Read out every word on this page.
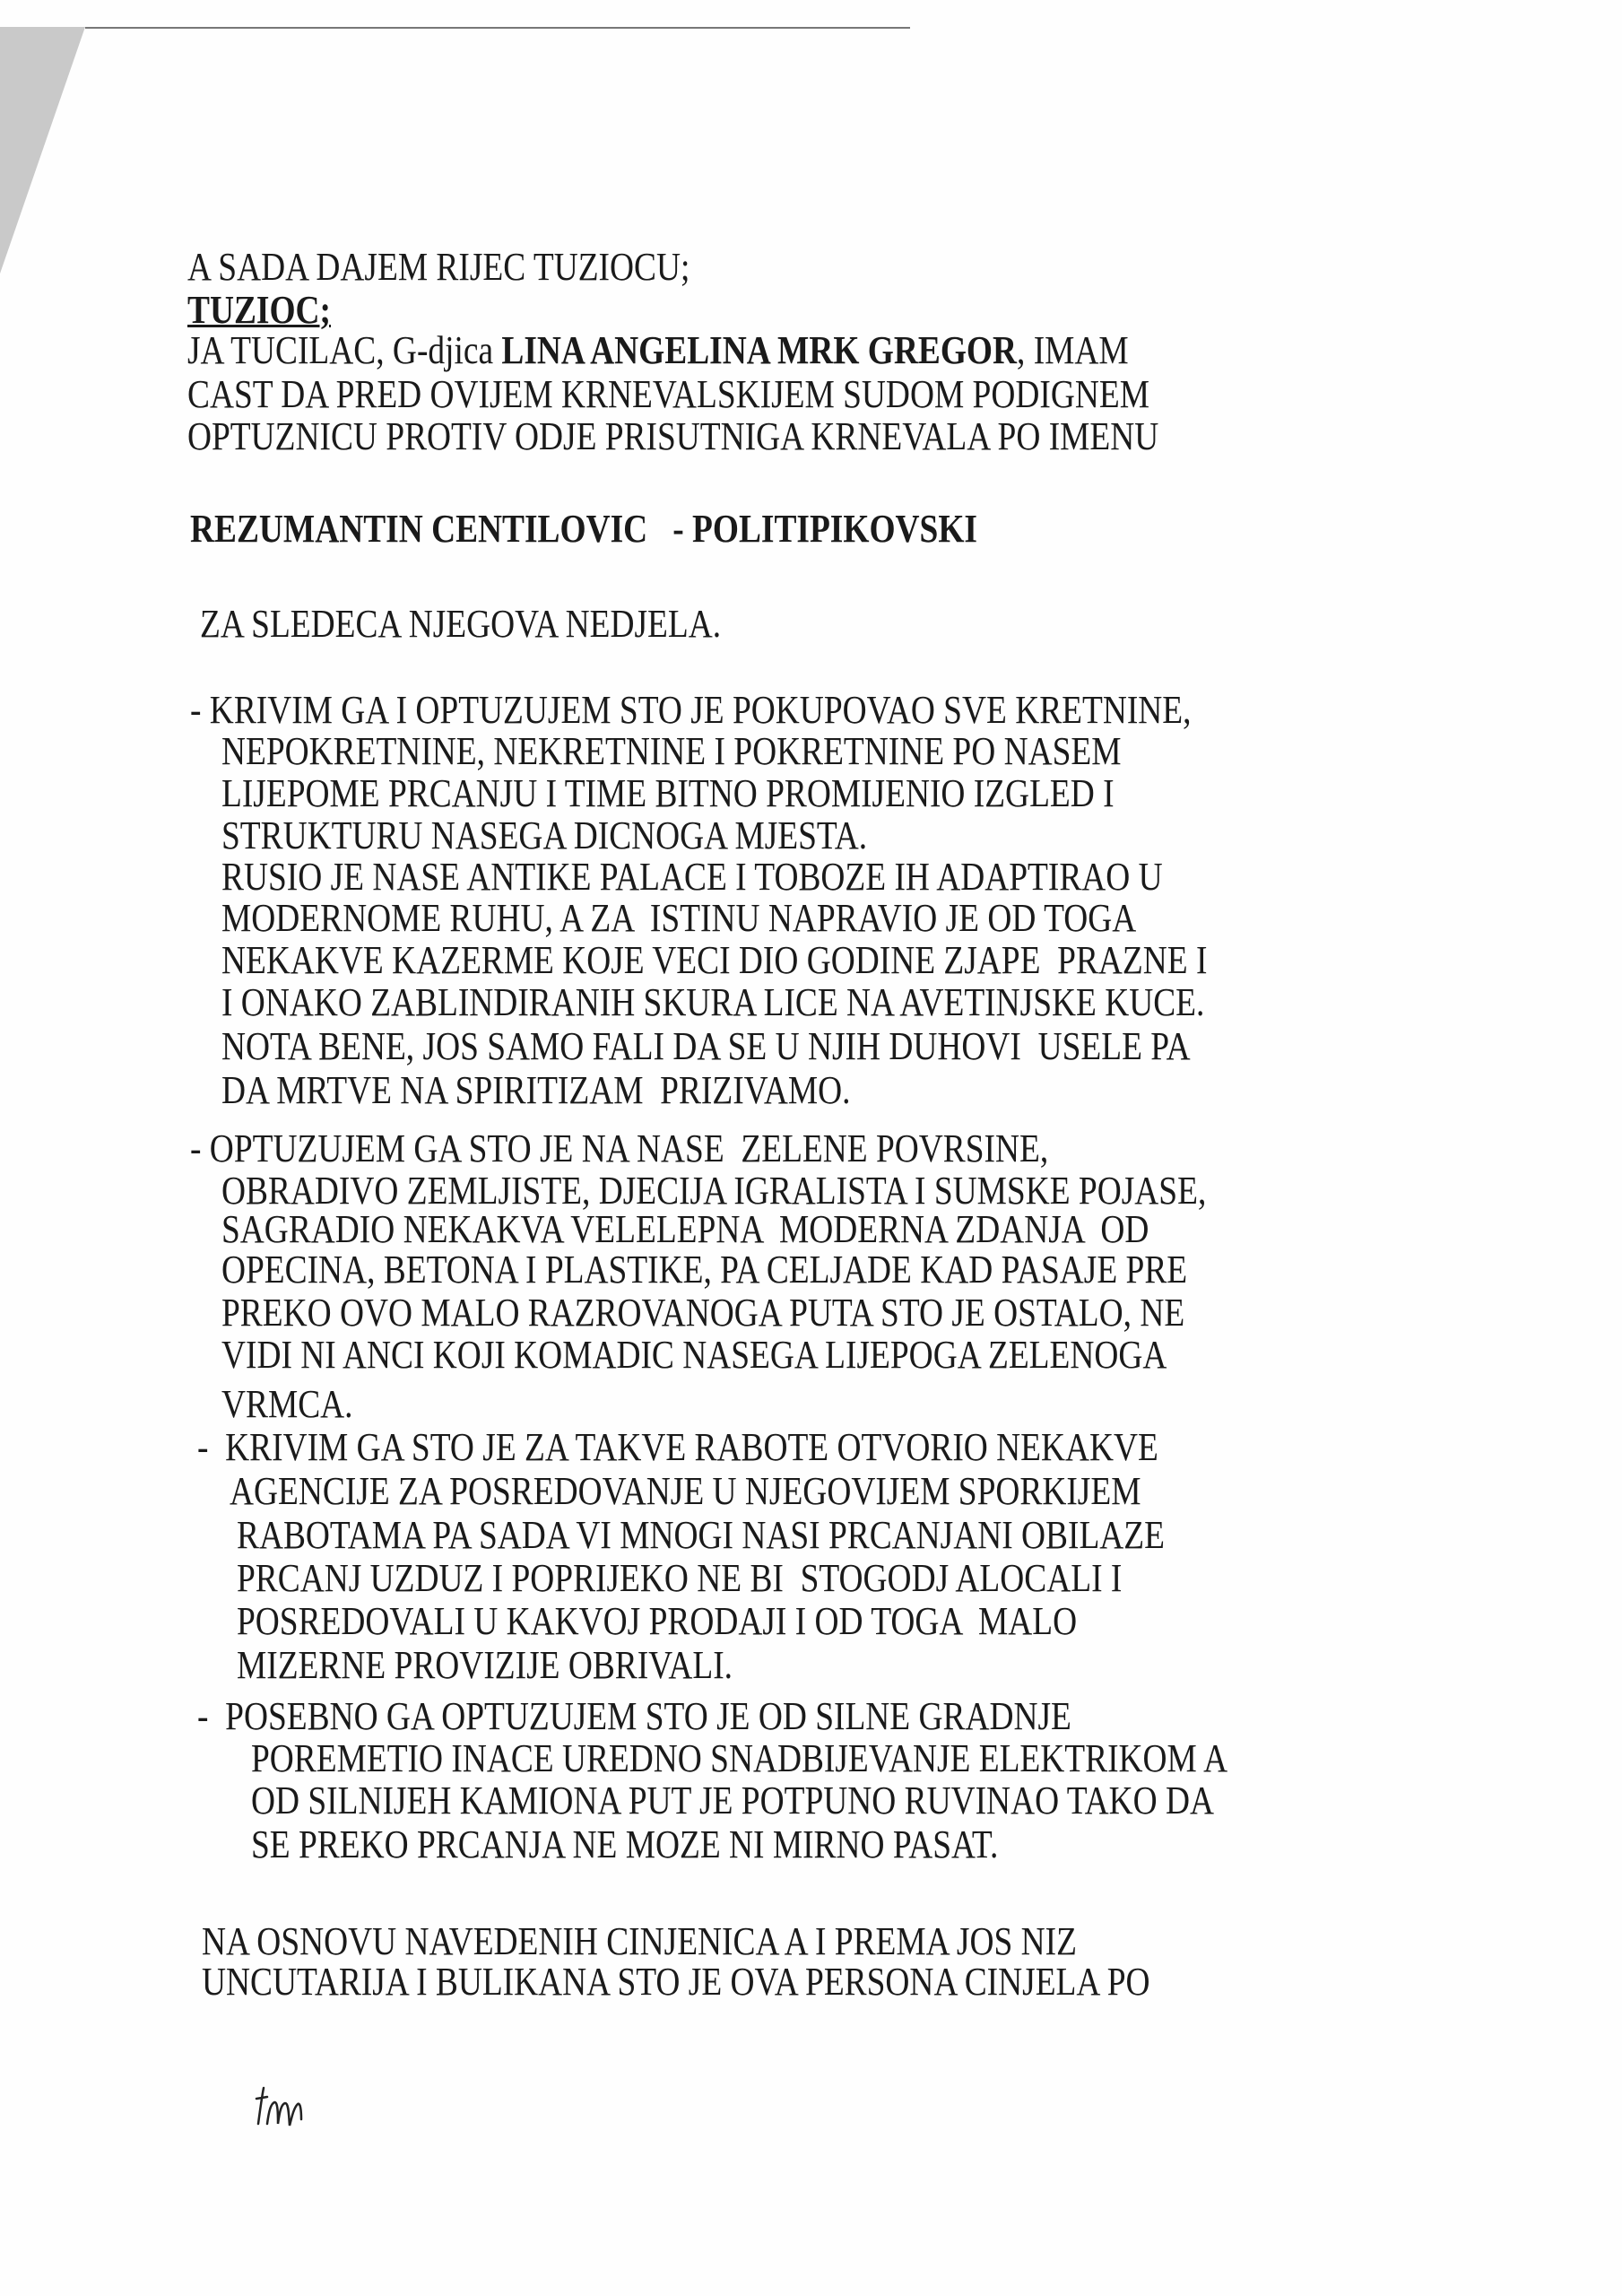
A SADA DAJEM RIJEC TUZIOCU;
TUZIOC;
JA TUCILAC, G-djica LINA ANGELINA MRK GREGOR, IMAM
CAST DA PRED OVIJEM KRNEVALSKIJEM SUDOM PODIGNEM
OPTUZNICU PROTIV ODJE PRISUTNIGA KRNEVALA PO IMENU
REZUMANTIN CENTILOVIC   - POLITIPIKOVSKI
ZA SLEDECA NJEGOVA NEDJELA.
- KRIVIM GA I OPTUZUJEM STO JE POKUPOVAO SVE KRETNINE,
NEPOKRETNINE, NEKRETNINE I POKRETNINE PO NASEM
LIJEPOME PRCANJU I TIME BITNO PROMIJENIO IZGLED I
STRUKTURU NASEGA DICNOGA MJESTA.
RUSIO JE NASE ANTIKE PALACE I TOBOZE IH ADAPTIRAO U
MODERNOME RUHU, A ZA  ISTINU NAPRAVIO JE OD TOGA
NEKAKVE KAZERME KOJE VECI DIO GODINE ZJAPE  PRAZNE I
I ONAKO ZABLINDIRANIH SKURA LICE NA AVETINJSKE KUCE.
NOTA BENE, JOS SAMO FALI DA SE U NJIH DUHOVI  USELE PA
DA MRTVE NA SPIRITIZAM  PRIZIVAMO.
- OPTUZUJEM GA STO JE NA NASE  ZELENE POVRSINE,
OBRADIVO ZEMLJISTE, DJECIJA IGRALISTA I SUMSKE POJASE,
SAGRADIO NEKAKVA VELELEPNA  MODERNA ZDANJA  OD
OPECINA, BETONA I PLASTIKE, PA CELJADE KAD PASAJE PRE
PREKO OVO MALO RAZROVANOGA PUTA STO JE OSTALO, NE
VIDI NI ANCI KOJI KOMADIC NASEGA LIJEPOGA ZELENOGA
VRMCA.
-  KRIVIM GA STO JE ZA TAKVE RABOTE OTVORIO NEKAKVE
AGENCIJE ZA POSREDOVANJE U NJEGOVIJEM SPORKIJEM
RABOTAMA PA SADA VI MNOGI NASI PRCANJANI OBILAZE
PRCANJ UZDUZ I POPRIJEKO NE BI  STOGODJ ALOCALI I
POSREDOVALI U KAKVOJ PRODAJI I OD TOGA  MALO
MIZERNE PROVIZIJE OBRIVALI.
-  POSEBNO GA OPTUZUJEM STO JE OD SILNE GRADNJE
POREMETIO INACE UREDNO SNADBIJEVANJE ELEKTRIKOM A
OD SILNIJEH KAMIONA PUT JE POTPUNO RUVINAO TAKO DA
SE PREKO PRCANJA NE MOZE NI MIRNO PASAT.
NA OSNOVU NAVEDENIH CINJENICA A I PREMA JOS NIZ
UNCUTARIJA I BULIKANA STO JE OVA PERSONA CINJELA PO
